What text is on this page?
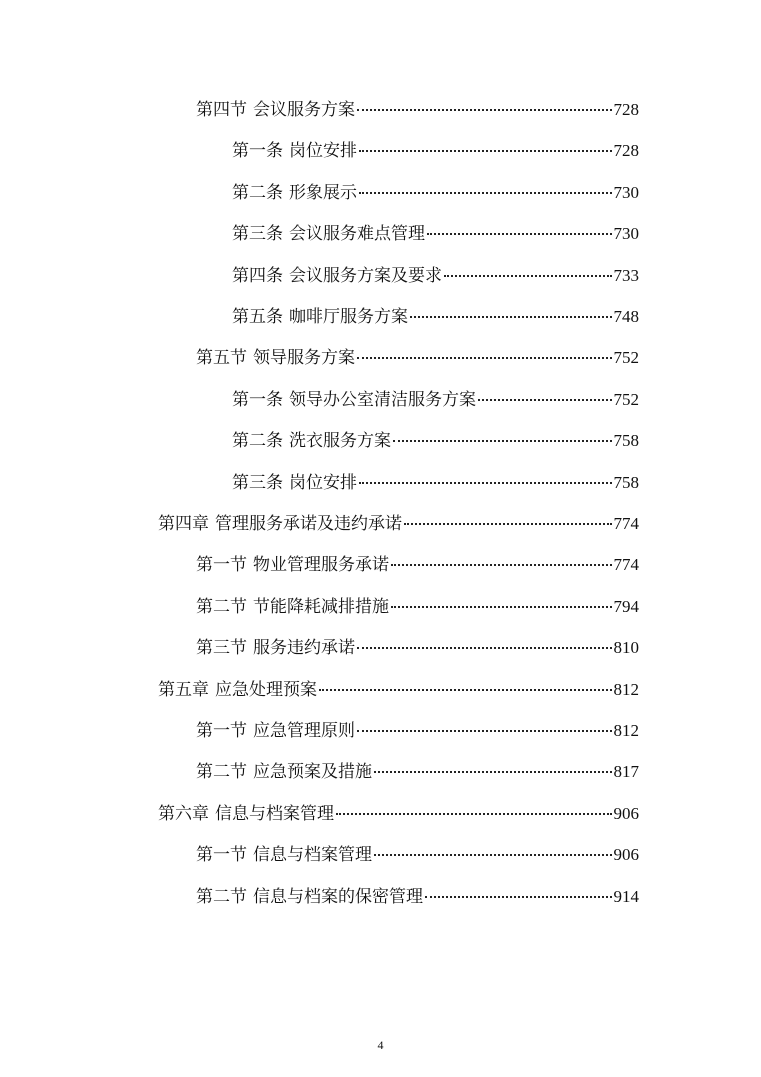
第四节 会议服务方案	728
第一条 岗位安排	728
第二条 形象展示	730
第三条 会议服务难点管理	730
第四条 会议服务方案及要求	733
第五条 咖啡厅服务方案	748
第五节 领导服务方案	752
第一条 领导办公室清洁服务方案	752
第二条 洗衣服务方案	758
第三条 岗位安排	758
第四章 管理服务承诺及违约承诺	774
第一节 物业管理服务承诺	774
第二节 节能降耗减排措施	794
第三节 服务违约承诺	810
第五章 应急处理预案	812
第一节 应急管理原则	812
第二节 应急预案及措施	817
第六章 信息与档案管理	906
第一节 信息与档案管理	906
第二节 信息与档案的保密管理	914
4
